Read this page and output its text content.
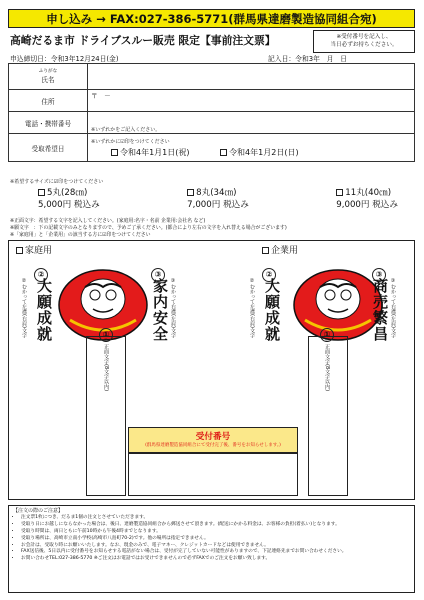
申し込み → FAX:027-386-5771(群馬県達磨製造協同組合宛)
高崎だるま市 ドライブスルー販売 限定【事前注文票】	※受付番号を記入し、
当日必ずお持ちください。
申込締切日：令和3年12月24日(金)	記入日：令和3年　月　日
ふりがな
氏名	

住所	〒　－
電話・携帯番号	※いずれかをご記入ください。
受取希望日	※いずれかに☑印をつけてください
令和4年1月1日(祝) 令和4年1月2日(日)
※希望するサイズに☑印をつけてください
5丸(28㎝)
5,000円 税込み
8丸(34㎝)
7,000円 税込み
11丸(40㎝)
9,000円 税込み
※正面文字：希望する文字を記入してください。(家庭用:名字・名前 企業用:会社名 など)
※願文字　：下の記載文字のみとなりますので、予めご了承ください。(都合により左右の文字を入れ替える場合がございます)
※「家庭用」と「企業用」の該当する方に☑印をつけてください
家庭用	企業用
②
大願成就
②むかって左襟(右肩)文字
③
家内安全 ③むかって右襟(左肩)文字
①
①正面文字(8文字以内)
②
大願成就
②むかって左襟(右肩)文字
③
商売繁昌 ③むかって右襟(左肩)文字
①
①正面文字(8文字以内)
受付番号
(群馬県達磨製造協同組合にて受付完了後、番号をお知らせします。)
【注文の際のご注意】
• 注文票1枚につき、だるま1個の注文とさせていただきます。
• 受取り日にお越しにならなかった場合は、後日、達磨製造協同組合から郵送させて頂きます。(配送にかかる料金は、お客様の負担(着払い)となります。
• 受取り時間は、両日ともに午前10時から午後4時までとなります。
• 受取り場所は、高崎市立南小学校(高崎市八島町70-2)です。他の場所は指定できません。
• お会計は、受取り時にお願いいたします。なお、現金のみで、電子マネー、クレジットカードなどは使用できません。
• FAX送信後、5日以内に受付番号をお知らせする電話がない場合は、受付が完了していない可能性がありますので、下記連絡先までお問い合わせください。
• お問い合わせTEL:027-386-5770 ※ご注文はお電話ではお受けできませんので必ずFAXでのご注文をお願い致します。
